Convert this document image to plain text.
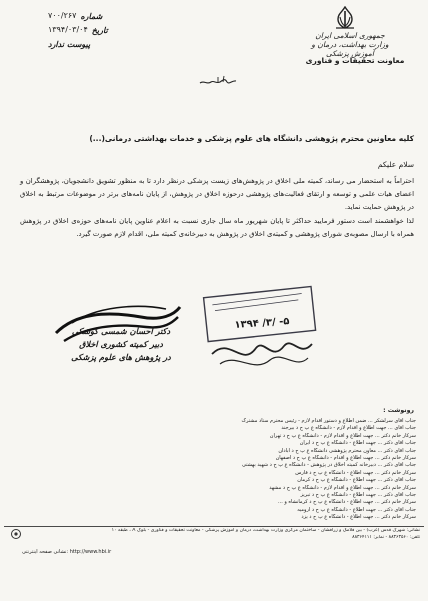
جمهوری اسلامی ایران
وزارت بهداشت، درمان و آموزش پزشکی
معاونت تحقیقات و فناوری
شماره
۷۰۰/۲۶۷
تاریخ
۱۳۹۴/۰۳/۰۴
پیوست ندارد
کلیه معاونین محترم پژوهشی دانشگاه های علوم پزشکی و خدمات بهداشتی درمانی(...)
سلام علیکم

احتراماً به استحضار می رساند، کمیته ملی اخلاق در پژوهش‌های زیست پزشکی درنظر دارد تا به منظور تشویق دانشجویان، پژوهشگران و اعضای هیات علمی و توسعه و ارتقای فعالیت‌های پژوهشی درحوزه اخلاق در پژوهش، از پایان نامه‌های برتر در موضوعات مرتبط به اخلاق در پژوهش حمایت نماید.

لذا خواهشمند است دستور فرمایید حداکثر تا پایان شهریور ماه سال جاری نسبت به اعلام عناوین پایان نامه‌های حوزه‌ی اخلاق در پژوهش همراه با ارسال مصوبه‌ی شورای پژوهشی و کمیته‌ی اخلاق در پژوهش به دبیرخانه‌ی کمیته ملی، اقدام لازم صورت گیرد.

دکتر احسان شمسی کوشکی
دبیر کمیته کشوری اخلاق
در پژوهش های علوم پزشکی
۱۳۹۴ /۳/ -۵
رونوشت :
جناب آقای سرلشکر ... ضمن اطلاع و دستور اقدام لازم - رئیس محترم ستاد مشترک
جناب آقای ... جهت اطلاع و اقدام لازم - دانشگاه ع پ ح د بیرجند
سرکار خانم دکتر ... جهت اطلاع و اقدام لازم - دانشگاه ع پ ح د تهران
جناب آقای دکتر ... جهت اطلاع - دانشگاه ع پ ح د ایران
جناب آقای دکتر ... معاون محترم پژوهشی دانشگاه ع پ ح د آبادان
سرکار خانم دکتر ... جهت اطلاع و اقدام - دانشگاه ع پ ح د اصفهان
جناب آقای دکتر ... دبیرخانه کمیته اخلاق در پژوهش - دانشگاه ع پ ح د شهید بهشتی
سرکار خانم دکتر ... جهت اطلاع - دانشگاه ع پ ح د فارس
جناب آقای دکتر ... جهت اطلاع - دانشگاه ع پ ح د کرمان
سرکار خانم دکتر ... جهت اطلاع و اقدام لازم - دانشگاه ع پ ح د مشهد
جناب آقای دکتر ... جهت اطلاع - دانشگاه ع پ ح د تبریز
سرکار خانم دکتر ... جهت اطلاع - دانشگاه ع پ ح د کرمانشاه و ...
جناب آقای دکتر ... جهت اطلاع - دانشگاه ع پ ح د ارومیه
سرکار خانم دکتر ... جهت اطلاع - دانشگاه ع پ ح د یزد
نشانی: شهرک قدس (غرب) - بین فلامک و زرافشان - ساختمان مرکزی وزارت بهداشت، درمان و آموزش پزشکی - معاونت تحقیقات و فناوری - بلوک A ، طبقه ۱۰
تلفن: ۸۸۳۶۳۵۶۰ - نمابر: ۸۸۳۶۴۱۱۱
نشانی صفحه اینترنتی: http://www.hbi.ir
